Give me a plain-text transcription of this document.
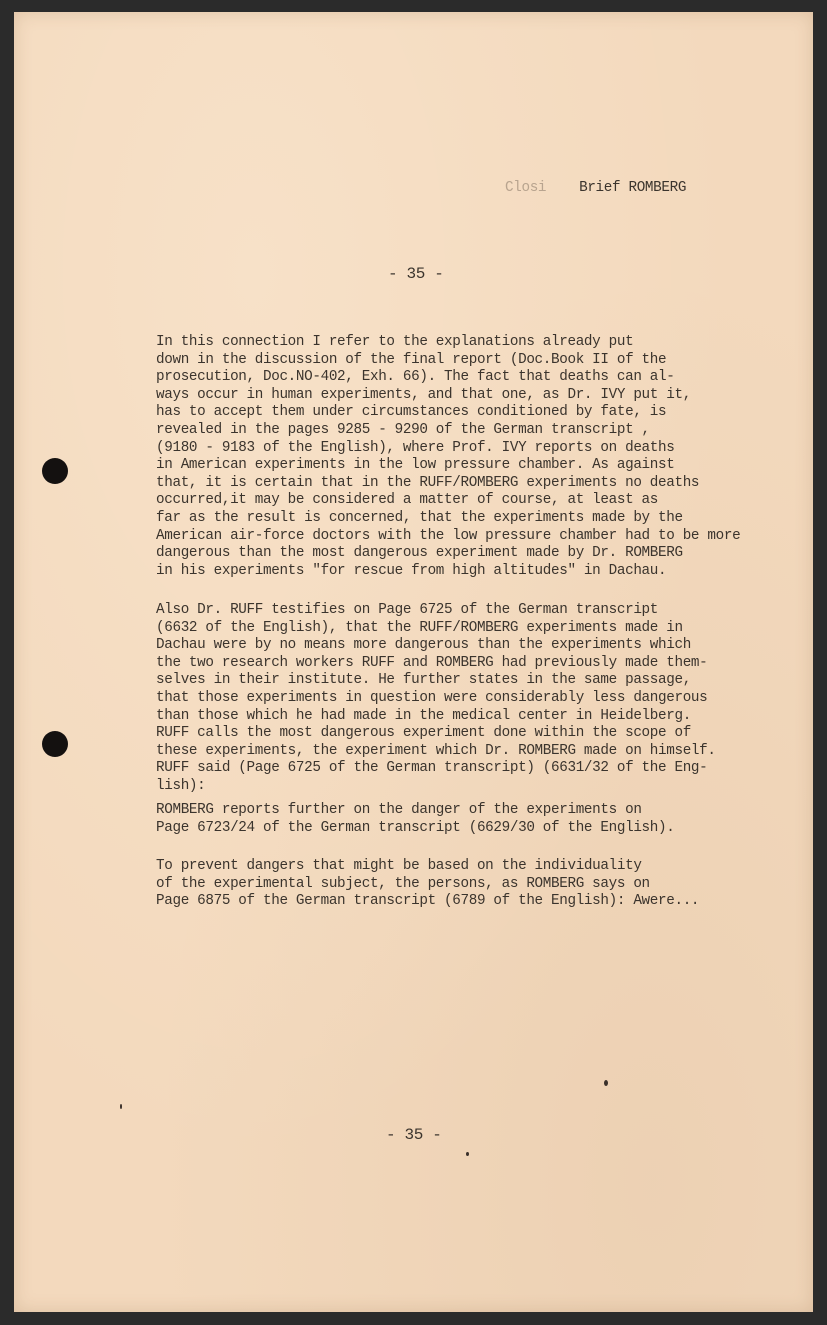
Closi Brief ROMBERG
- 35 -
In this connection I refer to the explanations already put
down in the discussion of the final report (Doc.Book II of the
prosecution, Doc.NO-402, Exh. 66). The fact that deaths can al-
ways occur in human experiments, and that one, as Dr. IVY put it,
has to accept them under circumstances conditioned by fate, is
revealed in the pages 9285 - 9290 of the German transcript ,
(9180 - 9183 of the English), where Prof. IVY reports on deaths
in American experiments in the low pressure chamber. As against
that, it is certain that in the RUFF/ROMBERG experiments no deaths
occurred,it may be considered a matter of course, at least as
far as the result is concerned, that the experiments made by the
American air-force doctors with the low pressure chamber had to be more
dangerous than the most dangerous experiment made by Dr. ROMBERG
in his experiments "for rescue from high altitudes" in Dachau.
Also Dr. RUFF testifies on Page 6725 of the German transcript
(6632 of the English), that the RUFF/ROMBERG experiments made in
Dachau were by no means more dangerous than the experiments which
the two research workers RUFF and ROMBERG had previously made them-
selves in their institute. He further states in the same passage,
that those experiments in question were considerably less dangerous
than those which he had made in the medical center in Heidelberg.
RUFF calls the most dangerous experiment done within the scope of
these experiments, the experiment which Dr. ROMBERG made on himself.
RUFF said (Page 6725 of the German transcript) (6631/32 of the Eng-
lish):
ROMBERG reports further on the danger of the experiments on
Page 6723/24 of the German transcript (6629/30 of the English).
To prevent dangers that might be based on the individuality
of the experimental subject, the persons, as ROMBERG says on
Page 6875 of the German transcript (6789 of the English): Awere...
- 35 -
